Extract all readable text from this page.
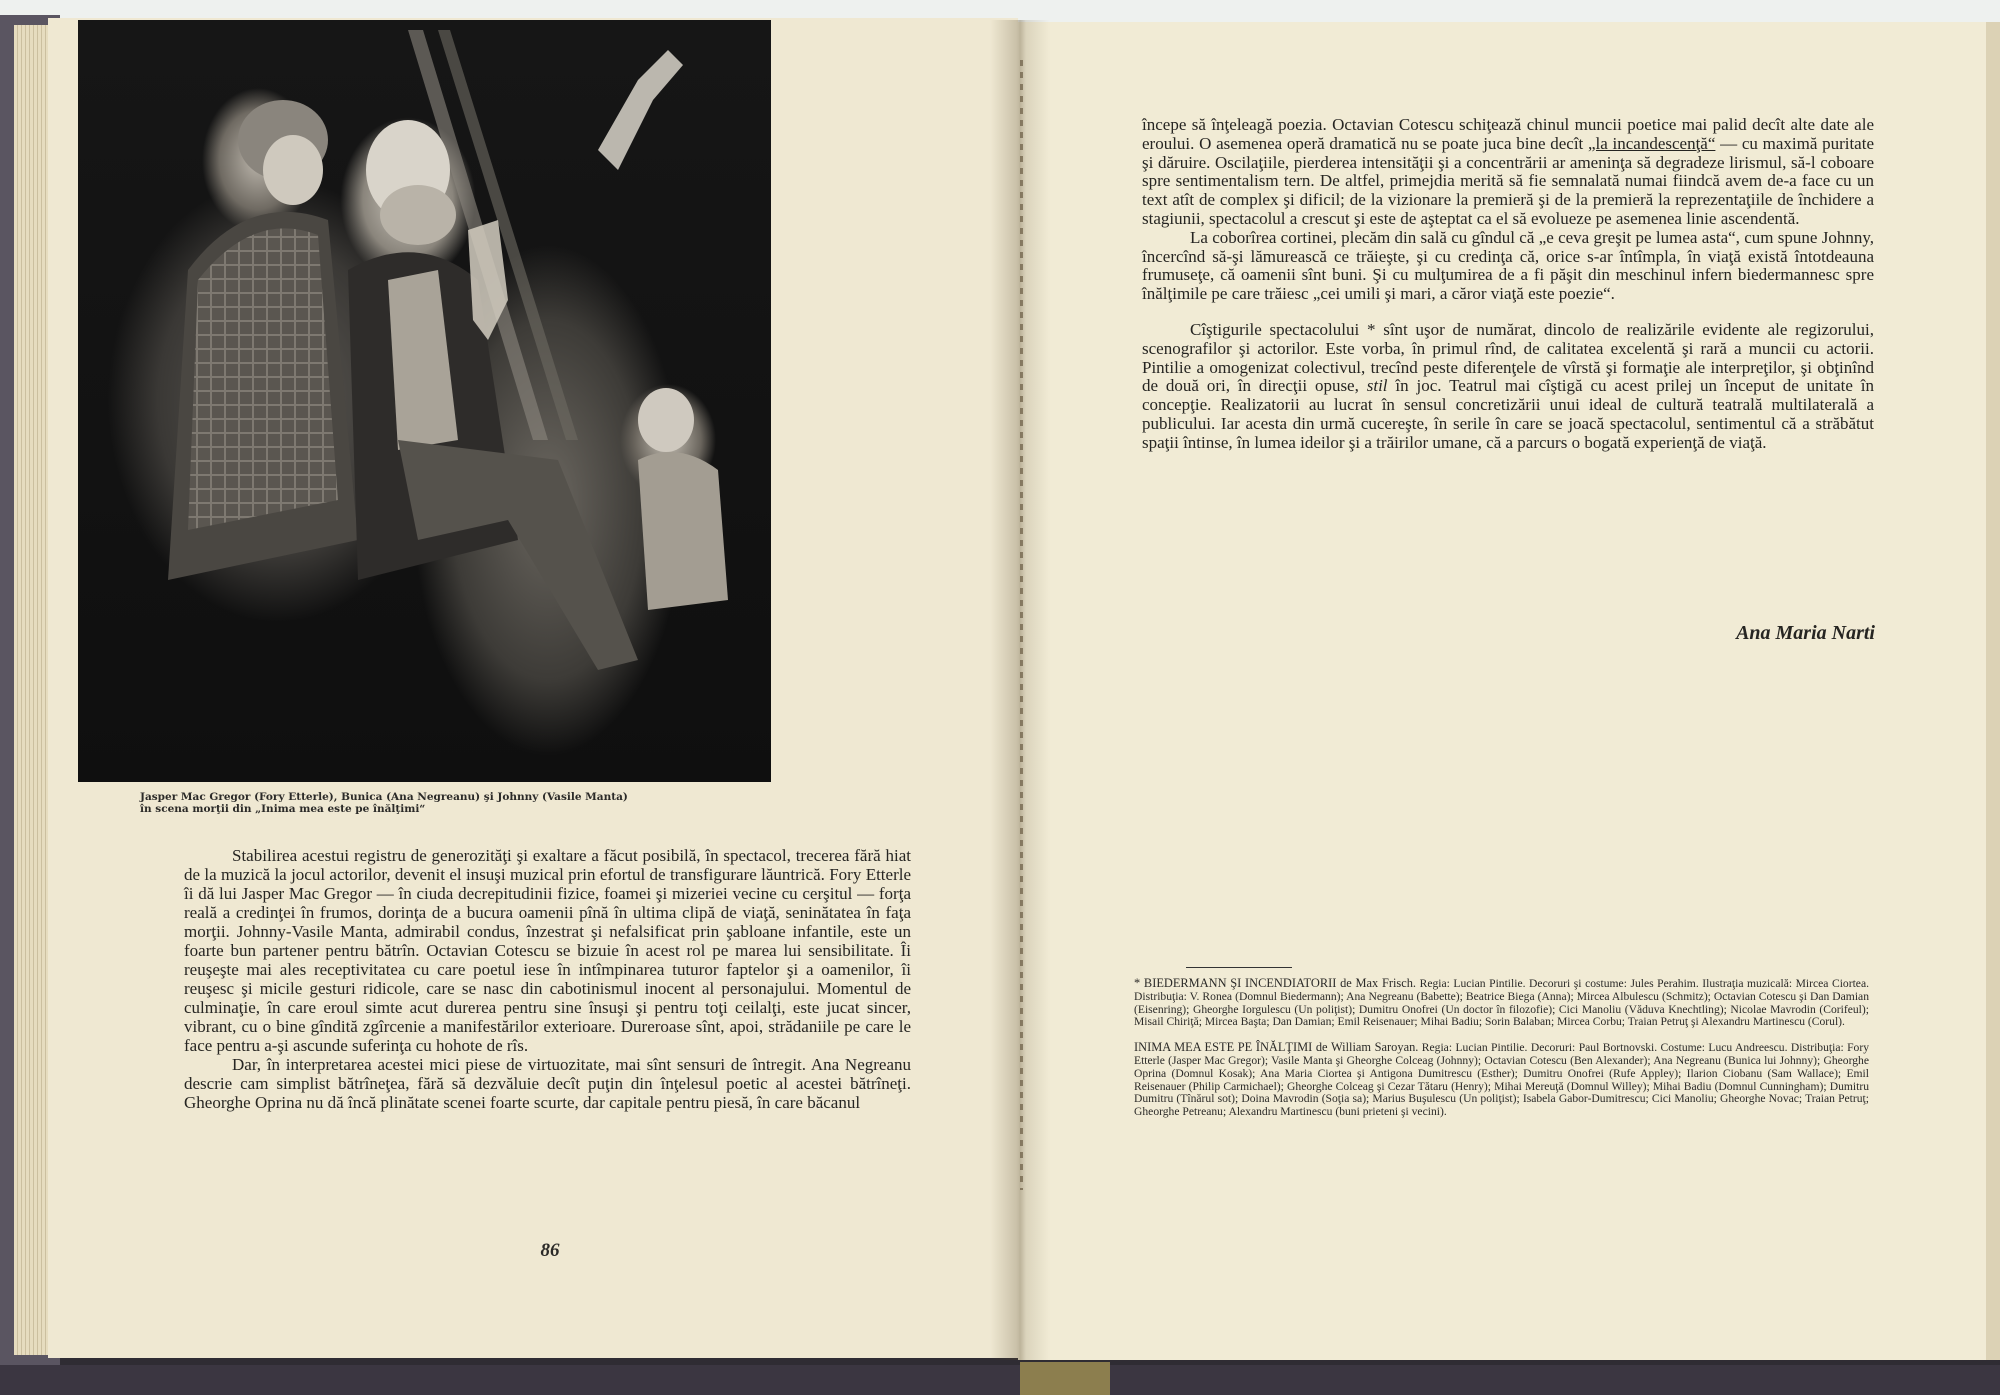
Jasper Mac Gregor (Fory Etterle), Bunica (Ana Negreanu) şi Johnny (Vasile Manta)
în scena morţii din „Inima mea este pe înălţimi“

Stabilirea acestui registru de generozităţi şi exaltare a făcut posibilă, în spectacol, trecerea fără hiat de la muzică la jocul actorilor, devenit el insuşi muzical prin efortul de transfigurare lăuntrică. Fory Etterle îi dă lui Jasper Mac Gregor — în ciuda decrepitudinii fizice, foamei şi mizeriei vecine cu cerşitul — forţa reală a credinţei în frumos, dorinţa de a bucura oamenii pînă în ultima clipă de viaţă, seninătatea în faţa morţii. Johnny-Vasile Manta, admirabil condus, înzestrat şi nefalsificat prin şabloane infantile, este un foarte bun partener pentru bătrîn. Octavian Cotescu se bizuie în acest rol pe marea lui sensibilitate. Îi reuşeşte mai ales receptivitatea cu care poetul iese în intîmpinarea tuturor faptelor şi a oamenilor, îi reuşesc şi micile gesturi ridicole, care se nasc din cabotinismul inocent al personajului. Momentul de culminaţie, în care eroul simte acut durerea pentru sine însuşi şi pentru toţi ceilalţi, este jucat sincer, vibrant, cu o bine gîndită zgîrcenie a manifestărilor exterioare. Dureroase sînt, apoi, strădaniile pe care le face pentru a-şi ascunde suferinţa cu hohote de rîs.

Dar, în interpretarea acestei mici piese de virtuozitate, mai sînt sensuri de întregit. Ana Negreanu descrie cam simplist bătrîneţea, fără să dezvăluie decît puţin din înţelesul poetic al acestei bătrîneţi. Gheorghe Oprina nu dă încă plinătate scenei foarte scurte, dar capitale pentru piesă, în care băcanul

86

începe să înţeleagă poezia. Octavian Cotescu schiţează chinul muncii poetice mai palid decît alte date ale eroului. O asemenea operă dramatică nu se poate juca bine decît „la incandescenţă“ — cu maximă puritate şi dăruire. Oscilaţiile, pierderea intensităţii şi a concentrării ar ameninţa să degradeze lirismul, să-l coboare spre sentimentalism tern. De altfel, primejdia merită să fie semnalată numai fiindcă avem de-a face cu un text atît de complex şi dificil; de la vizionare la premieră şi de la premieră la reprezentaţiile de închidere a stagiunii, spectacolul a crescut şi este de aşteptat ca el să evolueze pe asemenea linie ascendentă.

La coborîrea cortinei, plecăm din sală cu gîndul că „e ceva greşit pe lumea asta“, cum spune Johnny, încercînd să-şi lămurească ce trăieşte, şi cu credinţa că, orice s-ar întîmpla, în viaţă există întotdeauna frumuseţe, că oamenii sînt buni. Şi cu mulţumirea de a fi păşit din meschinul infern biedermannesc spre înălţimile pe care trăiesc „cei umili şi mari, a căror viaţă este poezie“.

Cîştigurile spectacolului * sînt uşor de numărat, dincolo de realizările evidente ale regizorului, scenografilor şi actorilor. Este vorba, în primul rînd, de calitatea excelentă şi rară a muncii cu actorii. Pintilie a omogenizat colectivul, trecînd peste diferenţele de vîrstă şi formaţie ale interpreţilor, şi obţinînd de două ori, în direcţii opuse, stil în joc. Teatrul mai cîştigă cu acest prilej un început de unitate în concepţie. Realizatorii au lucrat în sensul concretizării unui ideal de cultură teatrală multilaterală a publicului. Iar acesta din urmă cucereşte, în serile în care se joacă spectacolul, sentimentul că a străbătut spaţii întinse, în lumea ideilor şi a trăirilor umane, că a parcurs o bogată experienţă de viaţă.

Ana Maria Narti

* BIEDERMANN ŞI INCENDIATORII de Max Frisch. Regia: Lucian Pintilie. Decoruri şi costume: Jules Perahim. Ilustraţia muzicală: Mircea Ciortea. Distribuţia: V. Ronea (Domnul Biedermann); Ana Negreanu (Babette); Beatrice Biega (Anna); Mircea Albulescu (Schmitz); Octavian Cotescu şi Dan Damian (Eisenring); Gheorghe Iorgulescu (Un poliţist); Dumitru Onofrei (Un doctor în filozofie); Cici Manoliu (Văduva Knechtling); Nicolae Mavrodin (Corifeul); Misail Chiriţă; Mircea Baştа; Dan Damian; Emil Reisenauer; Mihai Badiu; Sorin Balaban; Mircea Corbu; Traian Petruţ şi Alexandru Martinescu (Corul).

INIMA MEA ESTE PE ÎNĂLŢIMI de William Saroyan. Regia: Lucian Pintilie. Decoruri: Paul Bortnovski. Costume: Lucu Andreescu. Distribuţia: Fory Etterle (Jasper Mac Gregor); Vasile Manta şi Gheorghe Colceag (Johnny); Octavian Cotescu (Ben Alexander); Ana Negreanu (Bunica lui Johnny); Gheorghe Oprina (Domnul Kosak); Ana Maria Ciortea şi Antigona Dumitrescu (Esther); Dumitru Onofrei (Rufe Appley); Ilarion Ciobanu (Sam Wallace); Emil Reisenauer (Philip Carmichael); Gheorghe Colceag şi Cezar Tătaru (Henry); Mihai Mereuţă (Domnul Willey); Mihai Badiu (Domnul Cunningham); Dumitru Dumitru (Tînărul sot); Doina Mavrodin (Soţia sa); Marius Buşulescu (Un poliţist); Isabela Gabor-Dumitrescu; Cici Manoliu; Gheorghe Novac; Traian Petruţ; Gheorghe Petreanu; Alexandru Martinescu (buni prieteni şi vecini).
